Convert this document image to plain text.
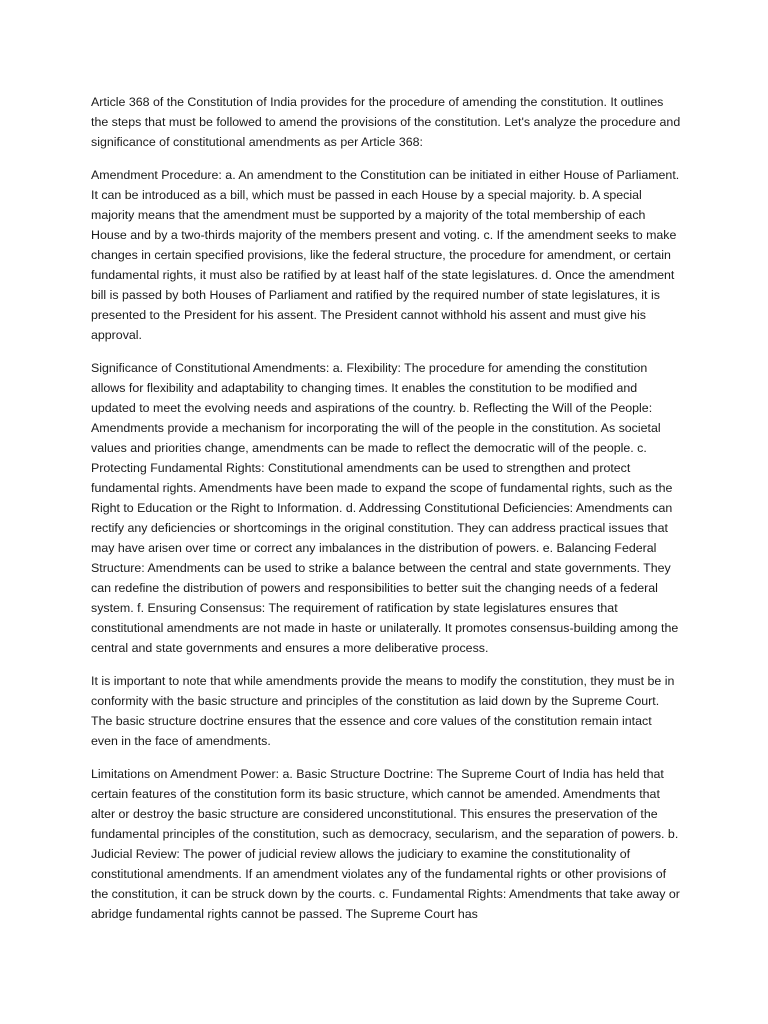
Article 368 of the Constitution of India provides for the procedure of amending the constitution. It outlines the steps that must be followed to amend the provisions of the constitution. Let's analyze the procedure and significance of constitutional amendments as per Article 368:

Amendment Procedure: a. An amendment to the Constitution can be initiated in either House of Parliament. It can be introduced as a bill, which must be passed in each House by a special majority. b. A special majority means that the amendment must be supported by a majority of the total membership of each House and by a two-thirds majority of the members present and voting. c. If the amendment seeks to make changes in certain specified provisions, like the federal structure, the procedure for amendment, or certain fundamental rights, it must also be ratified by at least half of the state legislatures. d. Once the amendment bill is passed by both Houses of Parliament and ratified by the required number of state legislatures, it is presented to the President for his assent. The President cannot withhold his assent and must give his approval.

Significance of Constitutional Amendments: a. Flexibility: The procedure for amending the constitution allows for flexibility and adaptability to changing times. It enables the constitution to be modified and updated to meet the evolving needs and aspirations of the country. b. Reflecting the Will of the People: Amendments provide a mechanism for incorporating the will of the people in the constitution. As societal values and priorities change, amendments can be made to reflect the democratic will of the people. c. Protecting Fundamental Rights: Constitutional amendments can be used to strengthen and protect fundamental rights. Amendments have been made to expand the scope of fundamental rights, such as the Right to Education or the Right to Information. d. Addressing Constitutional Deficiencies: Amendments can rectify any deficiencies or shortcomings in the original constitution. They can address practical issues that may have arisen over time or correct any imbalances in the distribution of powers. e. Balancing Federal Structure: Amendments can be used to strike a balance between the central and state governments. They can redefine the distribution of powers and responsibilities to better suit the changing needs of a federal system. f. Ensuring Consensus: The requirement of ratification by state legislatures ensures that constitutional amendments are not made in haste or unilaterally. It promotes consensus-building among the central and state governments and ensures a more deliberative process.

It is important to note that while amendments provide the means to modify the constitution, they must be in conformity with the basic structure and principles of the constitution as laid down by the Supreme Court. The basic structure doctrine ensures that the essence and core values of the constitution remain intact even in the face of amendments.

Limitations on Amendment Power: a. Basic Structure Doctrine: The Supreme Court of India has held that certain features of the constitution form its basic structure, which cannot be amended. Amendments that alter or destroy the basic structure are considered unconstitutional. This ensures the preservation of the fundamental principles of the constitution, such as democracy, secularism, and the separation of powers. b. Judicial Review: The power of judicial review allows the judiciary to examine the constitutionality of constitutional amendments. If an amendment violates any of the fundamental rights or other provisions of the constitution, it can be struck down by the courts. c. Fundamental Rights: Amendments that take away or abridge fundamental rights cannot be passed. The Supreme Court has
